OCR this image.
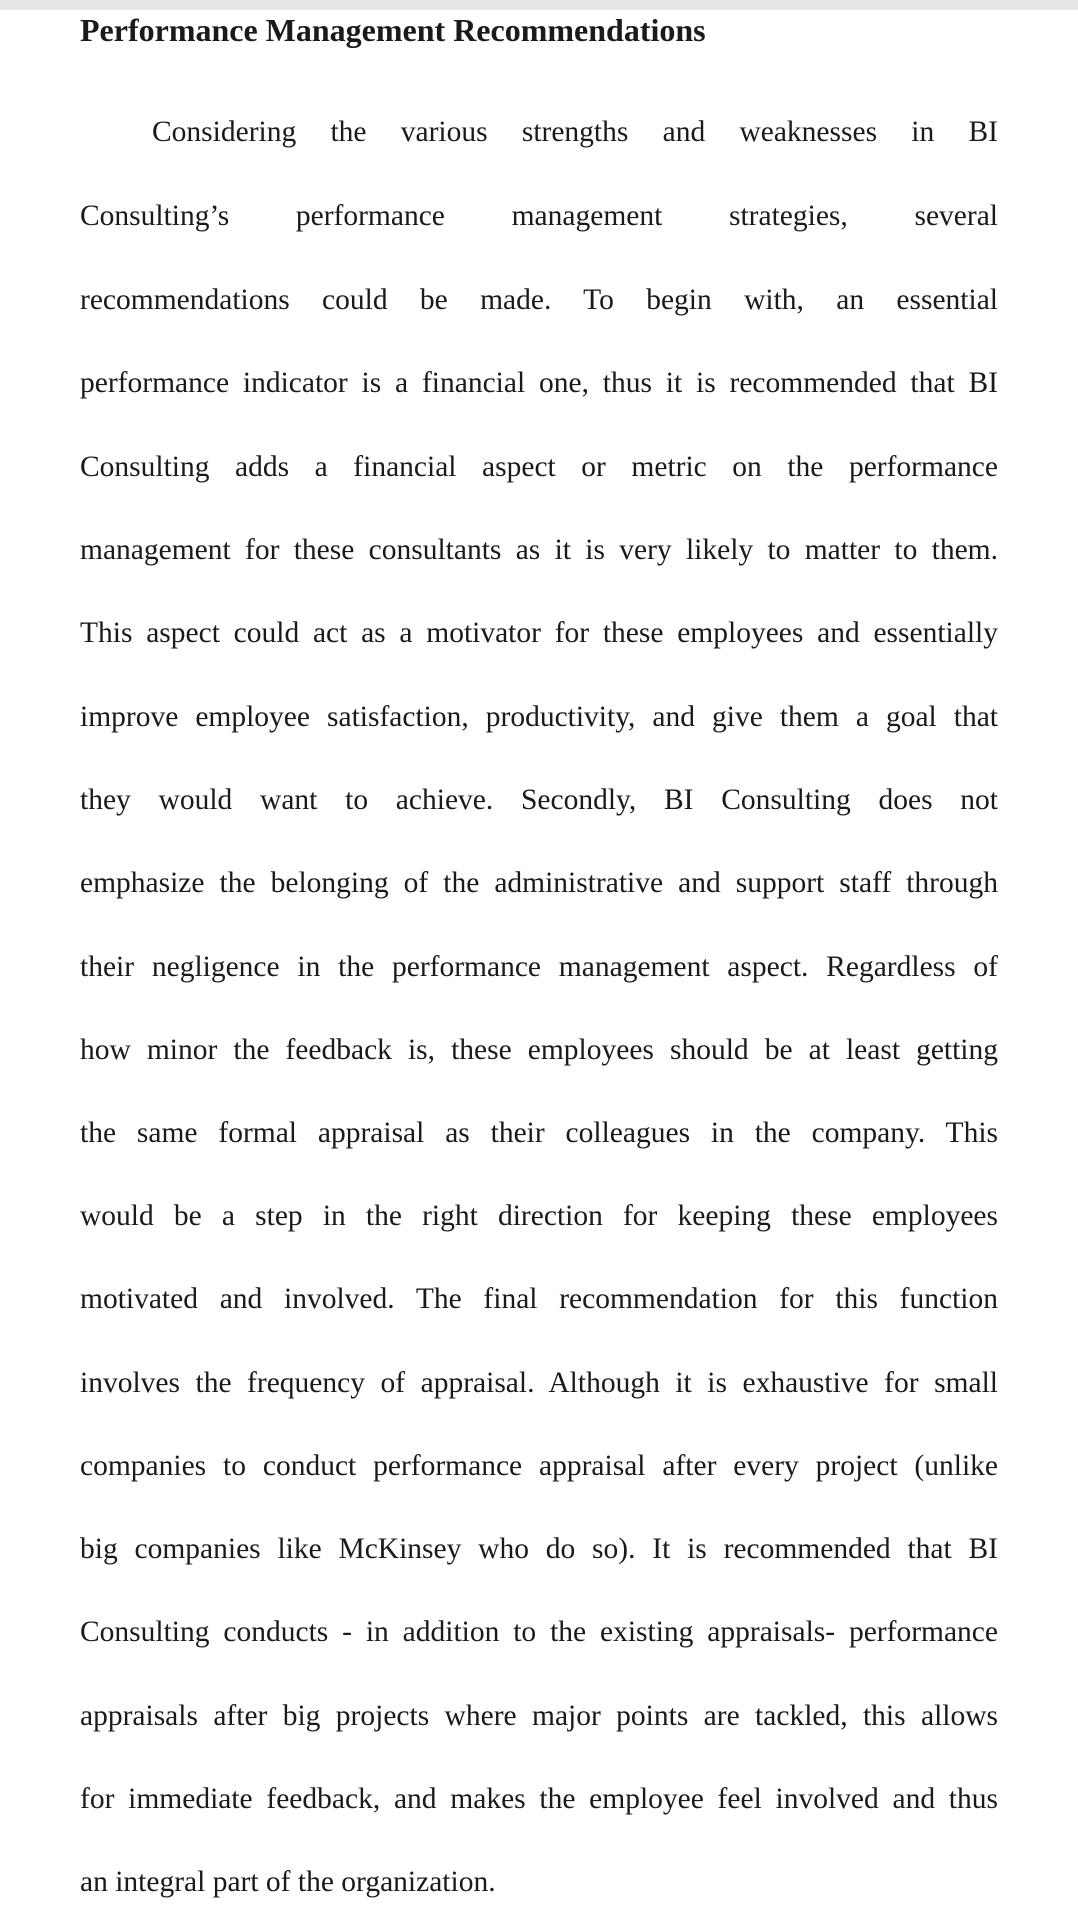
Performance Management Recommendations
Considering the various strengths and weaknesses in BI
Consulting’s performance management strategies, several
recommendations could be made. To begin with, an essential
performance indicator is a financial one, thus it is recommended that BI
Consulting adds a financial aspect or metric on the performance
management for these consultants as it is very likely to matter to them.
This aspect could act as a motivator for these employees and essentially
improve employee satisfaction, productivity, and give them a goal that
they would want to achieve. Secondly, BI Consulting does not
emphasize the belonging of the administrative and support staff through
their negligence in the performance management aspect. Regardless of
how minor the feedback is, these employees should be at least getting
the same formal appraisal as their colleagues in the company. This
would be a step in the right direction for keeping these employees
motivated and involved. The final recommendation for this function
involves the frequency of appraisal. Although it is exhaustive for small
companies to conduct performance appraisal after every project (unlike
big companies like McKinsey who do so). It is recommended that BI
Consulting conducts - in addition to the existing appraisals- performance
appraisals after big projects where major points are tackled, this allows
for immediate feedback, and makes the employee feel involved and thus
an integral part of the organization.
